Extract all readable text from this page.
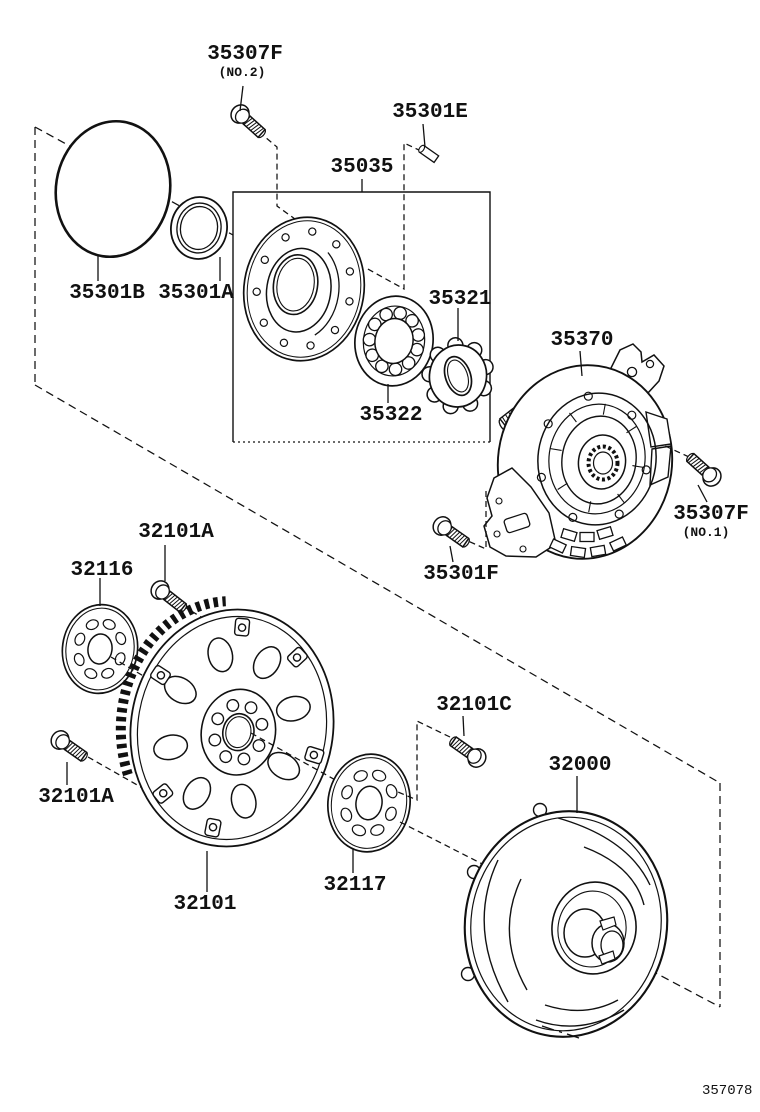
35307F
(NO.2)
35301E
35035
35301B 35301A	35321
35322
35370
35307F
(NO.1)
35301F
32101A
32116
32101A
32101
32117
32101C
32000
357078
